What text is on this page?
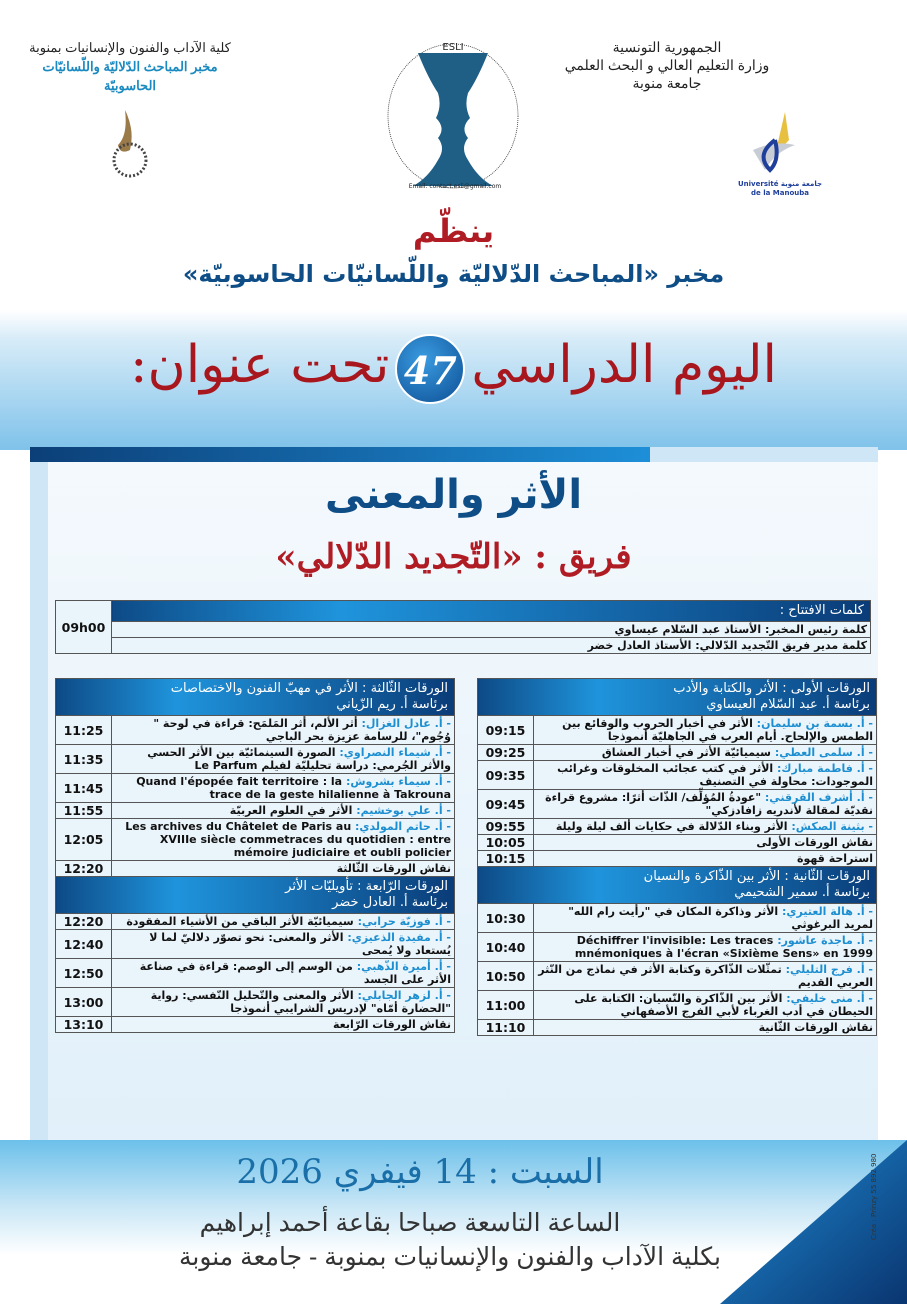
الجمهورية التونسية
وزارة التعليم العالي و البحث العلمي
جامعة منوبة
جامعة منوبة Université de la Manouba
كلية الآداب والفنون والإنسانيات بمنوبة
مخبر المباحث الدّلاليّة واللّسانيّات
الحاسوبيّة
ESLI
Email: contact.esli@gmail.com
ينظّم
مخبر «المباحث الدّلاليّة واللّسانيّات الحاسوبيّة»
اليوم الدراسي47تحت عنوان:
الأثر والمعنى
فريق : «التّجديد الدّلالي»
كلمات الافتتاح :	09h00
كلمة رئيس المخبر: الأستاذ عبد السّلام عيساوي
كلمة مدير فريق التّجديد الدّلالي: الأستاذ العادل خضر
الورقات الأولى : الأثر والكتابة والأدب
برئاسة أ. عبد السّلام العيساوي	

- أ. بسمة بن سليمان: الأثر في أخبار الحروب والوقائع بين الطمس والإلحاح. أيام العرب في الجاهليّة أنموذجا	09:15
- أ. سلمى العطي: سيميائيّة الأثر في أخبار العشاق	09:25
- أ. فاطمة مبارك: الأثر في كتب عجائب المخلوقات وغرائب الموجودات: محاولة في التصنيف	09:35
- أ. أشرف القرقني: "عودةُ المُؤلِّف/ الذّات أثرًا: مشروع قراءة نقديّة لمقالة لأندريه زافادزكي"	09:45
- بثينة الصكش: الأثر وبناء الدّلالة في حكايات ألف ليلة وليلة	09:55
نقاش الورقات الأولى	10:05
استراحة قهوة	10:15

الورقات الثّانية : الأثر بين الذّاكرة والنسيان
برئاسة أ. سمير الشحيمي	

- أ. هالة العتيري: الأثر وذاكرة المكان في "رأيت رام الله" لمريد البرغوثي	10:30
- أ. ماجدة عاشور: Déchiffrer l'invisible: Les traces mnémoniques à l'écran «Sixième Sens» en 1999	10:40
- أ. فرج التليلي: تمثّلات الذّاكرة وكتابة الأثر في نماذج من النّثر العربي القديم	10:50
- أ. منى خليفي: الأثر بين الذّاكرة والنّسيان: الكتابة على الحيطان في أدب الغرباء لأبي الفرج الأصفهاني	11:00
نقاش الورقات الثّانية	11:10
الورقات الثّالثة : الأثر في مهبّ الفنون والاختصاصات
برئاسة أ. ريم الزّياني	

- أ. عادل الغزال: أثر الألم، أثر المَلمَح: قراءة في لوحة " وُجُوم"، للرسامة عزيزة بحر الباجي	11:25
- أ. شيماء النصراوي: الصورة السينمائيّة بين الأثر الحسي والأثر الجُرمي: دراسة تحليليّة لفيلم Le Parfum	11:35
- أ. سيماء بشروش: Quand l'épopée fait territoire : la trace de la geste hilalienne à Takrouna	11:45
- أ. علي بوخشيم: الأثر في العلوم العربيّة	11:55
- أ. حاتم المولدي: Les archives du Châtelet de Paris au XVIIIe siècle commetraces du quotidien : entre mémoire judiciaire et oubli policier	12:05
نقاش الورقات الثّالثة	12:20

الورقات الرّابعة : تأويليّات الأثر
برئاسة أ. العادل خضر	

- أ. فوزيّة حرابي: سيميائيّة الأثر الباقي من الأشياء المفقودة	12:20
- أ. مفيدة الذعيزي: الأثر والمعنى: نحو تصوّر دلاليّ لما لا يُستعاد ولا يُمحى	12:40
- أ. أميرة الذّهبي: من الوسم إلى الوصم: قراءة في صناعة الأثر على الجسد	12:50
- أ. لزهر الجابلي: الأثر والمعنى والتّحليل النّفسي: رواية "الحضارة أمّاه" لإدريس الشرايبي أنموذجا	13:00
نقاش الورقات الرّابعة	13:10
السبت : 14 فيفري 2026
الساعة التاسعة صباحا بقاعة أحمد إبراهيم
بكلية الآداب والفنون والإنسانيات بمنوبة - جامعة منوبة
Créa : Prinzy 55 892 980
